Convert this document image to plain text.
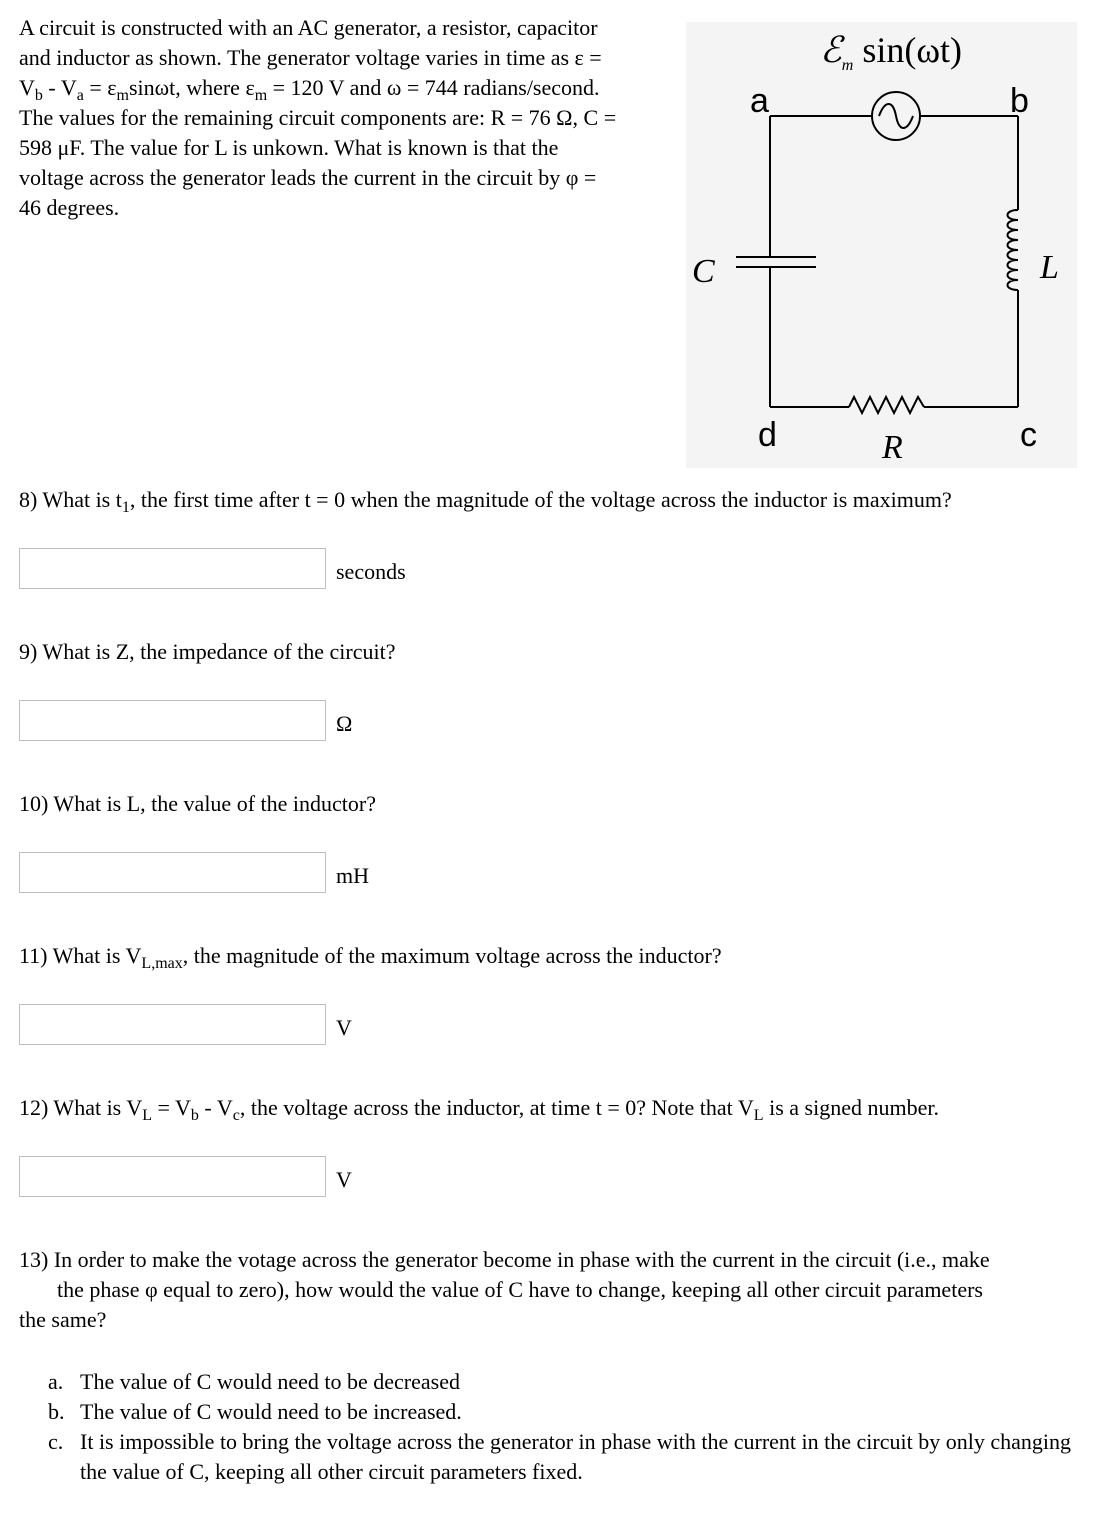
A circuit is constructed with an AC generator, a resistor, capacitor

and inductor as shown. The generator voltage varies in time as ε =

$V_b - V_a = \varepsilon_m\sin\omega t$, where $\varepsilon_m = 120$ V and ω = 744 radians/second.

The values for the remaining circuit components are: R = 76 Ω, C =

598 μF. The value for L is unkown. What is known is that the

voltage across the generator leads the current in the circuit by φ =

46 degrees.

ℰ$_m$ sin(ωt)
C	L
R
a	b
d	c

8) What is $t_1$, the first time after t = 0 when the magnitude of the voltage across the inductor is maximum?

seconds

9) What is Z, the impedance of the circuit?

Ω

10) What is L, the value of the inductor?

mH

11) What is $V_{L,max}$, the magnitude of the maximum voltage across the inductor?

V

12) What is $V_L = V_b - V_c$, the voltage across the inductor, at time t = 0? Note that $V_L$ is a signed number.

V
13) In order to make the votage across the generator become in phase with the current in the circuit (i.e., make
the phase φ equal to zero), how would the value of C have to change, keeping all other circuit parameters
the same?
a. The value of C would need to be decreased
b. The value of C would need to be increased.
c. It is impossible to bring the voltage across the generator in phase with the current in the circuit by only changing the value of C, keeping all other circuit parameters fixed.
